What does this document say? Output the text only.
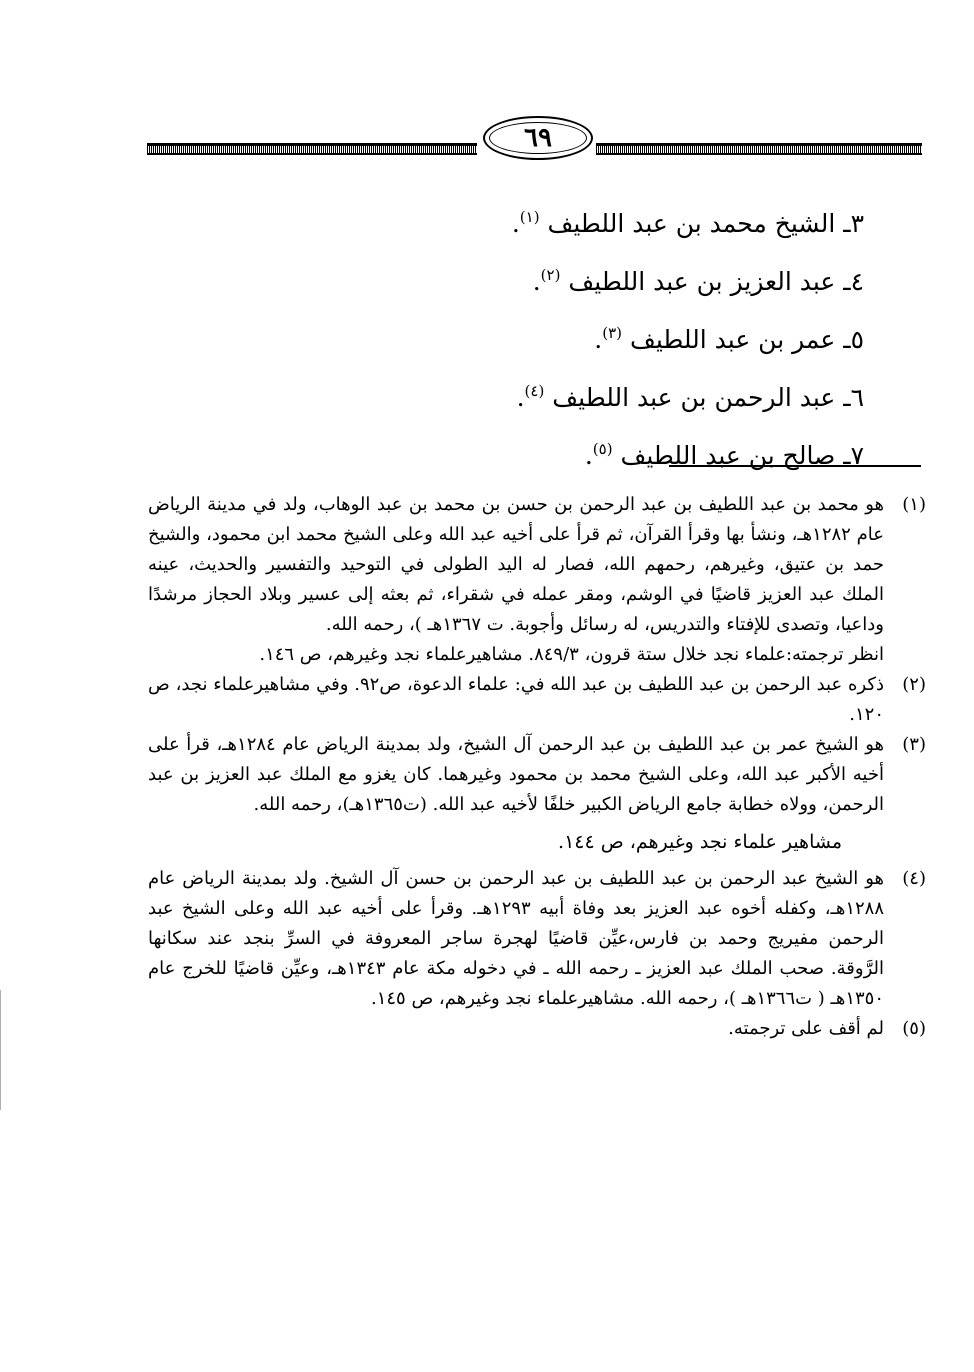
٦٩
٣ـ الشيخ محمد بن عبد اللطيف $^{(١)}$.
٤ـ عبد العزيز بن عبد اللطيف $^{(٢)}$.
٥ـ عمر بن عبد اللطيف $^{(٣)}$.
٦ـ عبد الرحمن بن عبد اللطيف $^{(٤)}$.
٧ـ صالح بن عبد اللطيف $^{(٥)}$.
(١)
هو محمد بن عبد اللطيف بن عبد الرحمن بن حسن بن محمد بن عبد الوهاب، ولد في مدينة الرياض عام ١٢٨٢هـ، ونشأ بها وقرأ القرآن، ثم قرأ على أخيه عبد الله وعلى الشيخ محمد ابن محمود، والشيخ حمد بن عتيق، وغيرهم، رحمهم الله، فصار له اليد الطولى في التوحيد والتفسير والحديث، عينه الملك عبد العزيز قاضيًا في الوشم، ومقر عمله في شقراء، ثم بعثه إلى عسير وبلاد الحجاز مرشدًا وداعيا، وتصدى للإفتاء والتدريس، له رسائل وأجوبة. ت ١٣٦٧هـ )، رحمه الله.
انظر ترجمته:علماء نجد خلال ستة قرون، ٨٤٩/٣. مشاهيرعلماء نجد وغيرهم، ص ١٤٦.
(٢)
ذكره عبد الرحمن بن عبد اللطيف بن عبد الله في: علماء الدعوة، ص٩٢. وفي مشاهيرعلماء نجد، ص ١٢٠.
(٣)
هو الشيخ عمر بن عبد اللطيف بن عبد الرحمن آل الشيخ، ولد بمدينة الرياض عام ١٢٨٤هـ، قرأ على أخيه الأكبر عبد الله، وعلى الشيخ محمد بن محمود وغيرهما. كان يغزو مع الملك عبد العزيز بن عبد الرحمن، وولاه خطابة جامع الرياض الكبير خلفًا لأخيه عبد الله. (ت١٣٦٥هـ)، رحمه الله.
مشاهير علماء نجد وغيرهم، ص ١٤٤.
(٤)
هو الشيخ عبد الرحمن بن عبد اللطيف بن عبد الرحمن بن حسن آل الشيخ. ولد بمدينة الرياض عام ١٢٨٨هـ، وكفله أخوه عبد العزيز بعد وفاة أبيه ١٢٩٣هـ. وقرأ على أخيه عبد الله وعلى الشيخ عبد الرحمن مفيريج وحمد بن فارس،عيِّن قاضيًا لهجرة ساجر المعروفة في السرِّ بنجد عند سكانها الرَّوقة. صحب الملك عبد العزيز ـ رحمه الله ـ في دخوله مكة عام ١٣٤٣هـ، وعيِّن قاضيًا للخرج عام ١٣٥٠هـ ( ت١٣٦٦هـ )، رحمه الله. مشاهيرعلماء نجد وغيرهم، ص ١٤٥.
(٥)
لم أقف على ترجمته.
